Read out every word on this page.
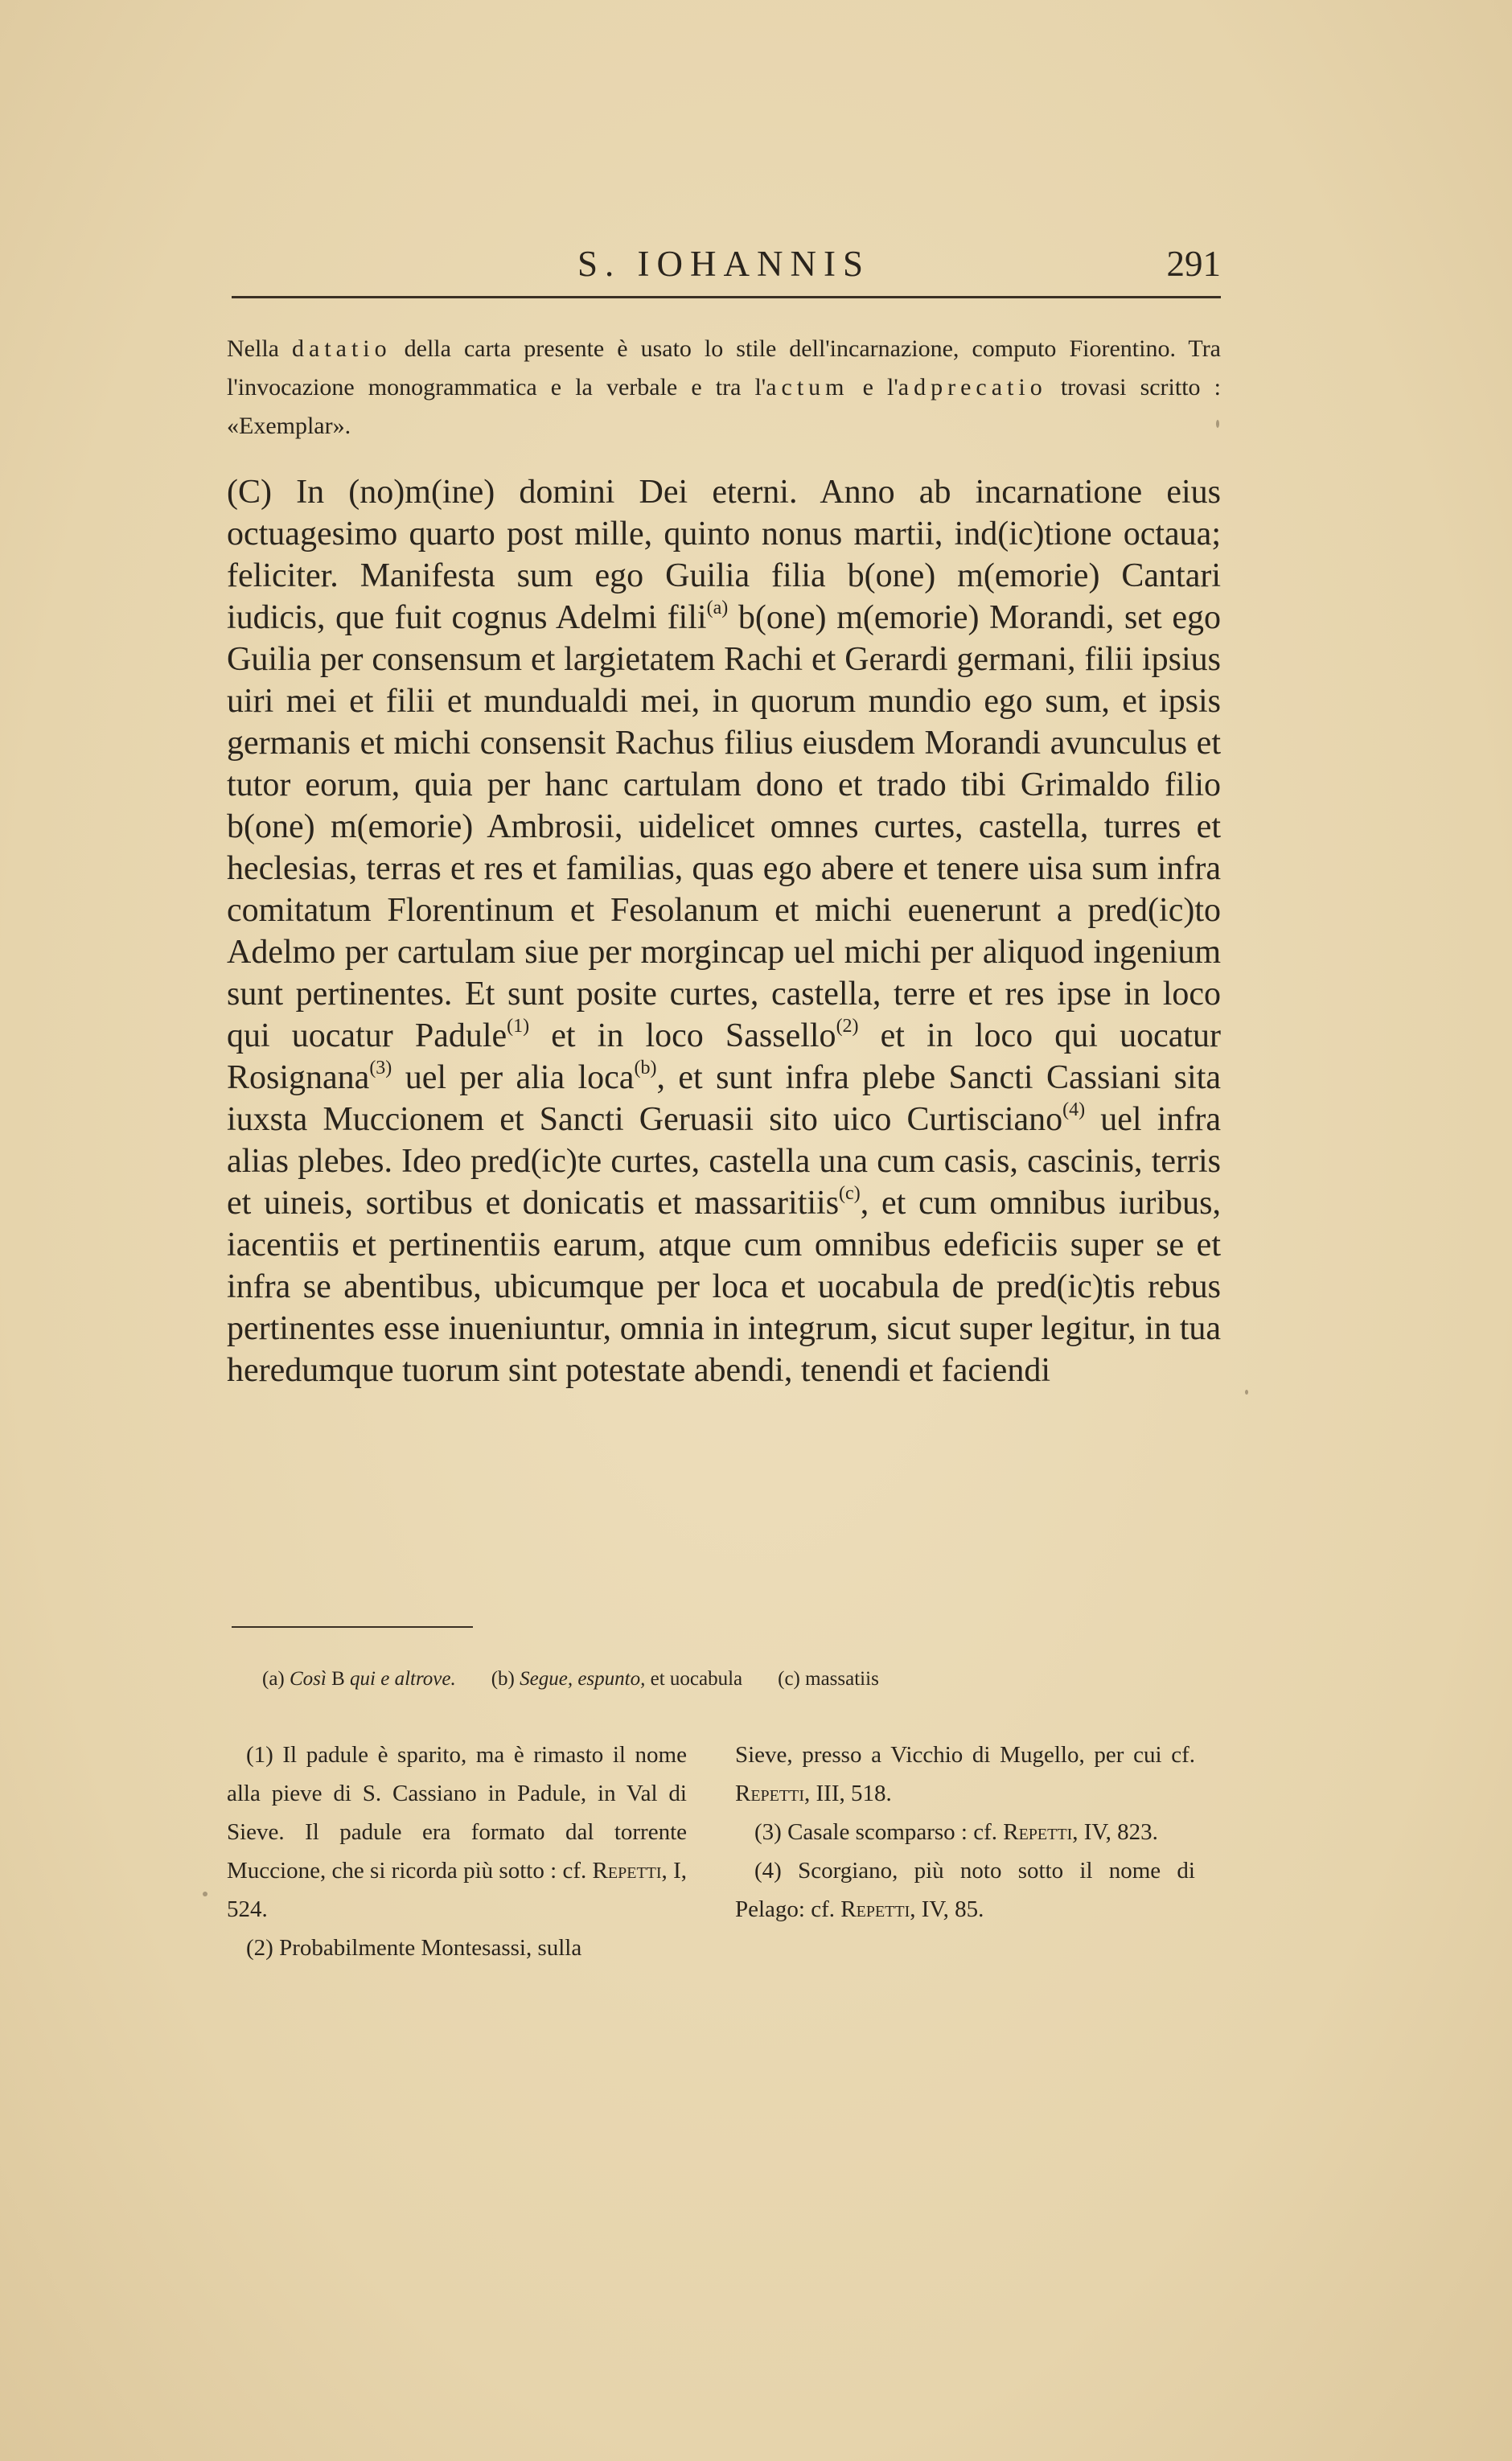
S. IOHANNIS	291
Nella datatio della carta presente è usato lo stile dell'incarnazione, computo Fiorentino. Tra l'invocazione monogrammatica e la verbale e tra l'actum e l'adprecatio trovasi scritto : «Exemplar».
(C) In (no)m(ine) domini Dei eterni. Anno ab incarnatione eius octuagesimo quarto post mille, quinto nonus martii, ind(ic)tione octaua; feliciter. Manifesta sum ego Guilia filia b(one) m(emorie) Cantari iudicis, que fuit cognus Adelmi fili$^{(a)}$ b(one) m(emorie) Morandi, set ego Guilia per consensum et largietatem Rachi et Gerardi germani, filii ipsius uiri mei et filii et mundualdi mei, in quorum mundio ego sum, et ipsis germanis et michi consensit Rachus filius eiusdem Morandi avunculus et tutor eorum, quia per hanc cartulam dono et trado tibi Grimaldo filio b(one) m(emorie) Ambrosii, uidelicet omnes curtes, castella, turres et heclesias, terras et res et familias, quas ego abere et tenere uisa sum infra comitatum Florentinum et Fesolanum et michi euenerunt a pred(ic)to Adelmo per cartulam siue per morgincap uel michi per aliquod ingenium sunt pertinentes. Et sunt posite curtes, castella, terre et res ipse in loco qui uocatur Padule$^{(1)}$ et in loco Sassello$^{(2)}$ et in loco qui uocatur Rosignana$^{(3)}$ uel per alia loca$^{(b)}$, et sunt infra plebe Sancti Cassiani sita iuxsta Muccionem et Sancti Geruasii sito uico Curtisciano$^{(4)}$ uel infra alias plebes. Ideo pred(ic)te curtes, castella una cum casis, cascinis, terris et uineis, sortibus et donicatis et massaritiis$^{(c)}$, et cum omnibus iuribus, iacentiis et pertinentiis earum, atque cum omnibus edeficiis super se et infra se abentibus, ubicumque per loca et uocabula de pred(ic)tis rebus pertinentes esse inueniuntur, omnia in integrum, sicut super legitur, in tua heredumque tuorum sint potestate abendi, tenendi et faciendi
(a) Così B qui e altrove. (b) Segue, espunto, et uocabula (c) massatiis

(1) Il padule è sparito, ma è rimasto il nome alla pieve di S. Cassiano in Padule, in Val di Sieve. Il padule era formato dal torrente Muccione, che si ricorda più sotto : cf. Repetti, I, 524.

(2) Probabilmente Montesassi, sulla

Sieve, presso a Vicchio di Mugello, per cui cf. Repetti, III, 518.

(3) Casale scomparso : cf. Repetti, IV, 823.

(4) Scorgiano, più noto sotto il nome di Pelago: cf. Repetti, IV, 85.
